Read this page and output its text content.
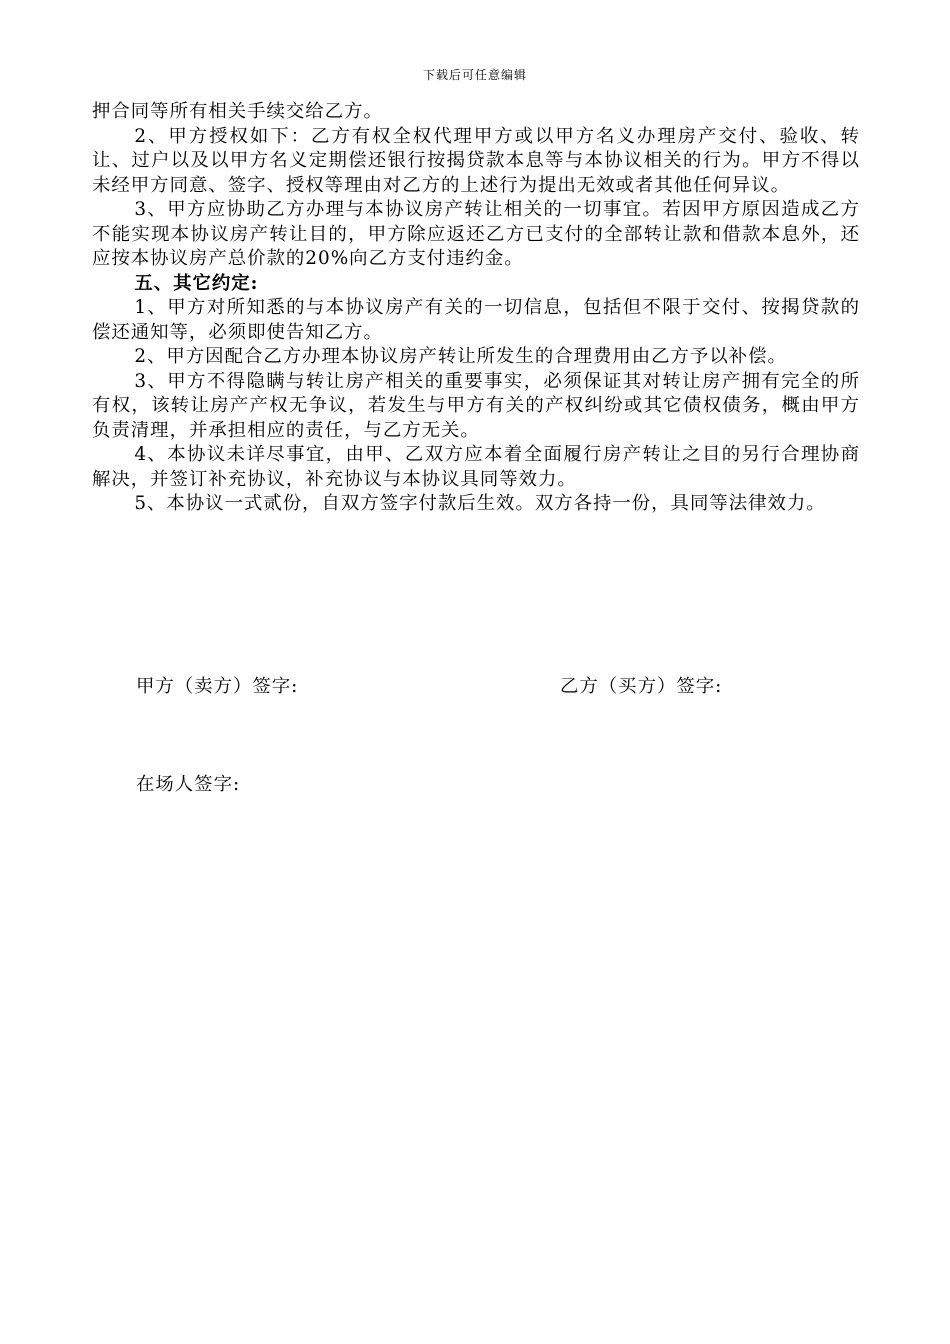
下载后可任意编辑

押合同等所有相关手续交给乙方。

2、甲方授权如下：乙方有权全权代理甲方或以甲方名义办理房产交付、验收、转让、过户以及以甲方名义定期偿还银行按揭贷款本息等与本协议相关的行为。甲方不得以未经甲方同意、签字、授权等理由对乙方的上述行为提出无效或者其他任何异议。

3、甲方应协助乙方办理与本协议房产转让相关的一切事宜。若因甲方原因造成乙方不能实现本协议房产转让目的，甲方除应返还乙方已支付的全部转让款和借款本息外，还应按本协议房产总价款的20%向乙方支付违约金。

五、其它约定:

1、甲方对所知悉的与本协议房产有关的一切信息，包括但不限于交付、按揭贷款的偿还通知等，必须即使告知乙方。

2、甲方因配合乙方办理本协议房产转让所发生的合理费用由乙方予以补偿。

3、甲方不得隐瞒与转让房产相关的重要事实，必须保证其对转让房产拥有完全的所有权，该转让房产产权无争议，若发生与甲方有关的产权纠纷或其它债权债务，概由甲方负责清理，并承担相应的责任，与乙方无关。

4、本协议未详尽事宜，由甲、乙双方应本着全面履行房产转让之目的另行合理协商解决，并签订补充协议，补充协议与本协议具同等效力。

5、本协议一式贰份，自双方签字付款后生效。双方各持一份，具同等法律效力。

甲方（卖方）签字:	乙方（买方）签字:
在场人签字:
